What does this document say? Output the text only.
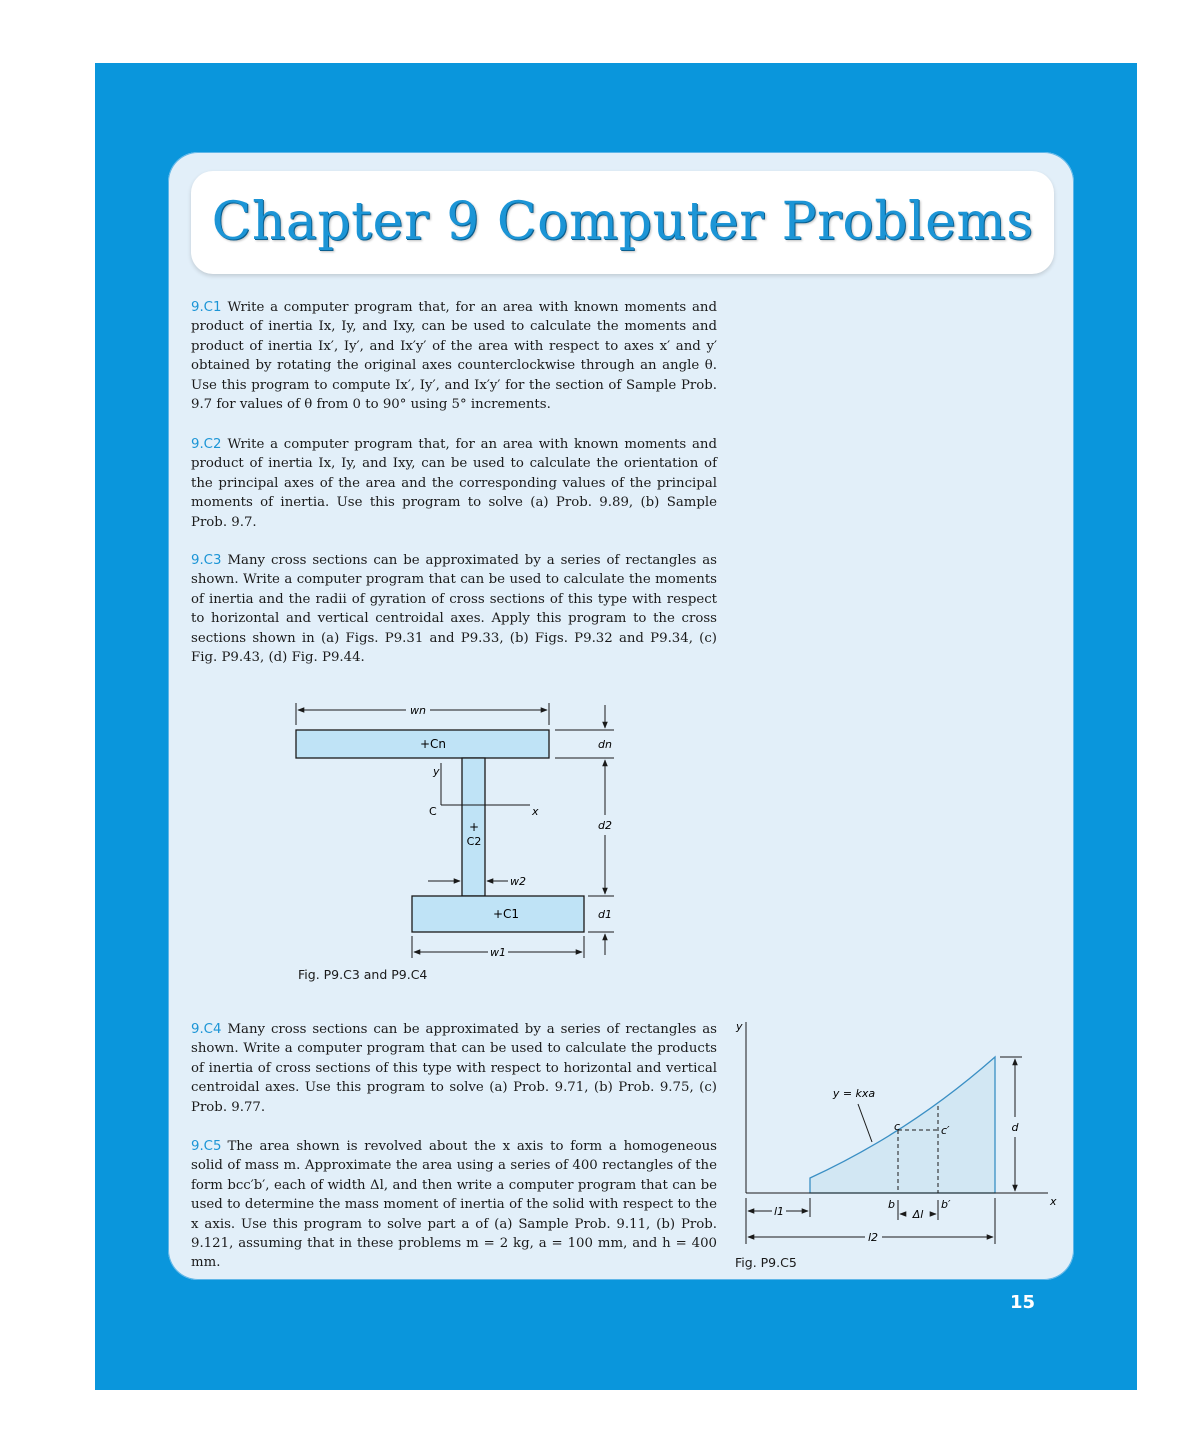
Chapter 9 Computer Problems

9.C1 Write a computer program that, for an area with known moments and product of inertia Ix, Iy, and Ixy, can be used to calculate the moments and product of inertia Ix′, Iy′, and Ix′y′ of the area with respect to axes x′ and y′ obtained by rotating the original axes counterclockwise through an angle θ. Use this program to compute Ix′, Iy′, and Ix′y′ for the section of Sample Prob. 9.7 for values of θ from 0 to 90° using 5° increments.

9.C2 Write a computer program that, for an area with known moments and product of inertia Ix, Iy, and Ixy, can be used to calculate the orientation of the principal axes of the area and the corresponding values of the principal moments of inertia. Use this program to solve (a) Prob. 9.89, (b) Sample Prob. 9.7.

9.C3 Many cross sections can be approximated by a series of rectangles as shown. Write a computer program that can be used to calculate the moments of inertia and the radii of gyration of cross sections of this type with respect to horizontal and vertical centroidal axes. Apply this program to the cross sections shown in (a) Figs. P9.31 and P9.33, (b) Figs. P9.32 and P9.34, (c) Fig. P9.43, (d) Fig. P9.44.

wn
+Cn	dn
d2
d1
y
C	x
+
C2
w2
+C1
w1

Fig. P9.C3 and P9.C4

9.C4 Many cross sections can be approximated by a series of rectangles as shown. Write a computer program that can be used to calculate the products of inertia of cross sections of this type with respect to horizontal and vertical centroidal axes. Use this program to solve (a) Prob. 9.71, (b) Prob. 9.75, (c) Prob. 9.77.

9.C5 The area shown is revolved about the x axis to form a homogeneous solid of mass m. Approximate the area using a series of 400 rectangles of the form bcc′b′, each of width Δl, and then write a computer program that can be used to determine the mass moment of inertia of the solid with respect to the x axis. Use this program to solve part a of (a) Sample Prob. 9.11, (b) Prob. 9.121, assuming that in these problems m = 2 kg, a = 100 mm, and h = 400 mm.

y
x
y = kxa
c	c′
b	b′
Δl
d
l1
l2

Fig. P9.C5

15
